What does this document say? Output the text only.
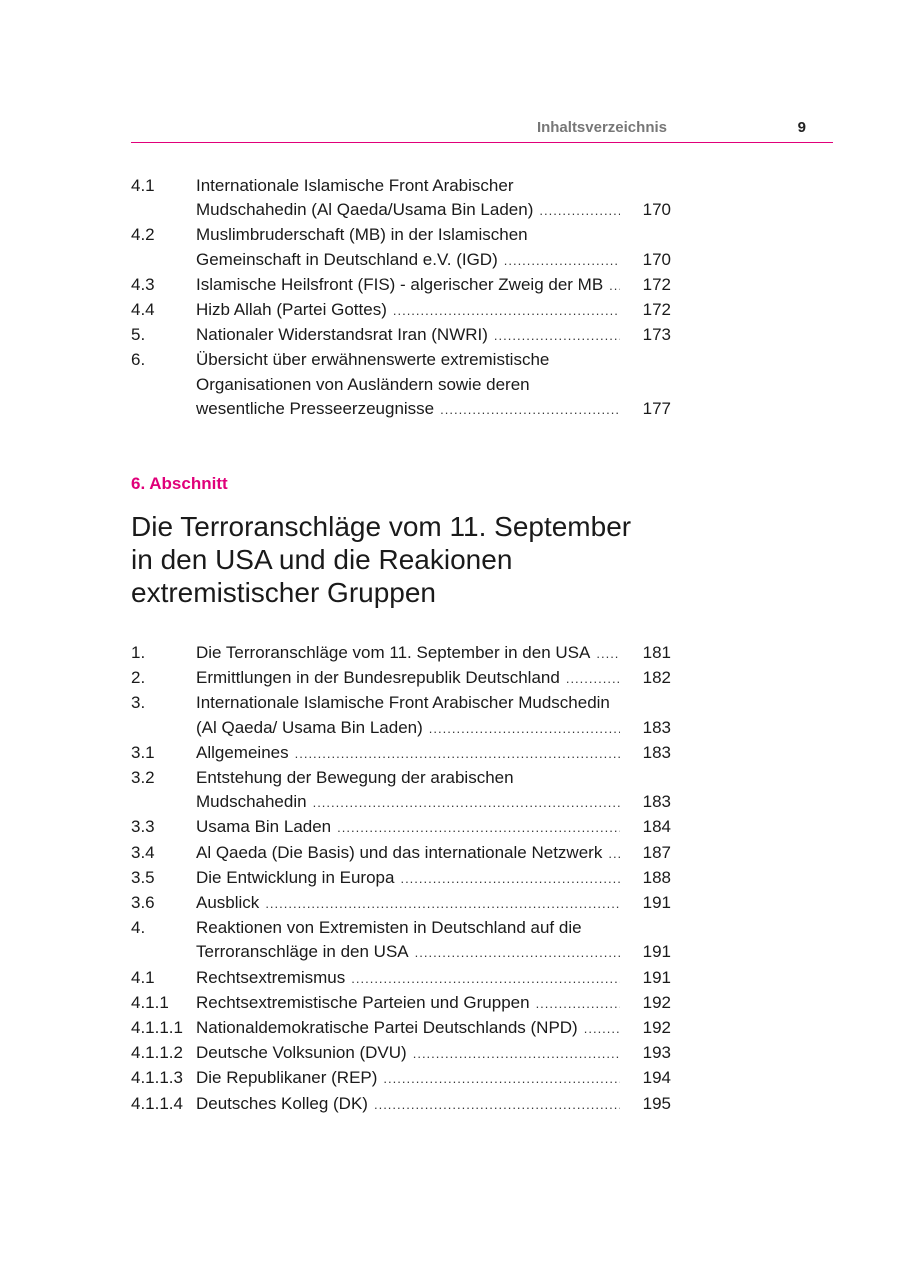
Inhaltsverzeichnis	9
4.1	Internationale Islamische Front Arabischer
Mudschahedin (Al Qaeda/Usama Bin Laden) .....	170
4.2	Muslimbruderschaft (MB) in der Islamischen
Gemeinschaft in Deutschland e.V. (IGD) .....	170
4.3	Islamische Heilsfront (FIS) - algerischer Zweig der MB .....	172
4.4	Hizb Allah (Partei Gottes) .....	172
5.	Nationaler Widerstandsrat Iran (NWRI) .....	173
6.	Übersicht über erwähnenswerte extremistische
Organisationen von Ausländern sowie deren
wesentliche Presseerzeugnisse .....	177
6. Abschnitt
Die Terroranschläge vom 11. September
in den USA und die Reakionen
extremistischer Gruppen
1.	Die Terroranschläge vom 11. September in den USA .....	181
2.	Ermittlungen in der Bundesrepublik Deutschland .....	182
3.	Internationale Islamische Front Arabischer Mudschedin
(Al Qaeda/ Usama Bin Laden) .....	183
3.1	Allgemeines .....	183
3.2	Entstehung der Bewegung der arabischen
Mudschahedin .....	183
3.3	Usama Bin Laden .....	184
3.4	Al Qaeda (Die Basis) und das internationale Netzwerk .....	187
3.5	Die Entwicklung in Europa .....	188
3.6	Ausblick .....	191
4.	Reaktionen von Extremisten in Deutschland auf die
Terroranschläge in den USA .....	191
4.1	Rechtsextremismus .....	191
4.1.1	Rechtsextremistische Parteien und Gruppen .....	192
4.1.1.1 Nationaldemokratische Partei Deutschlands (NPD) .....	192
4.1.1.2 Deutsche Volksunion (DVU) .....	193
4.1.1.3 Die Republikaner (REP) .....	194
4.1.1.4 Deutsches Kolleg (DK) .....	195
